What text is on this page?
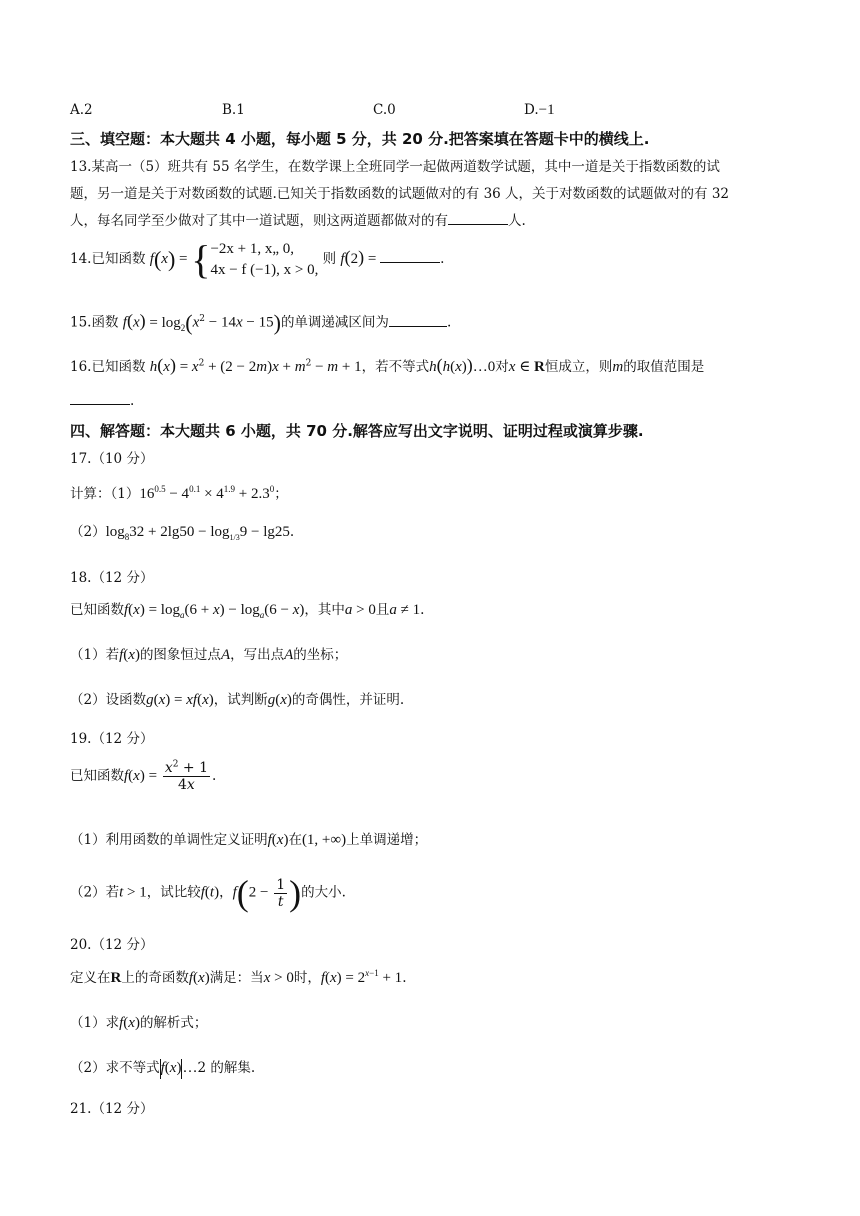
A.2	B.1	C.0	D.−1
三、填空题：本大题共 4 小题，每小题 5 分，共 20 分.把答案填在答题卡中的横线上.
13.某高一（5）班共有 55 名学生，在数学课上全班同学一起做两道数学试题，其中一道是关于指数函数的试
题，另一道是关于对数函数的试题.已知关于指数函数的试题做对的有 36 人，关于对数函数的试题做对的有 32
人，每名同学至少做对了其中一道试题，则这两道题都做对的有	人.
14.已知函数 f(x) = {−2x + 1, x„ 0,
4x − f (−1), x > 0, 则 f(2) =	.
15.函数 $f(x) = \log_2(x^2 - 14x - 15)$的单调递减区间为	.
16.已知函数 $h(x) = x^2 + (2 - 2m)x + m^2 - m + 1$，若不等式h(h(x))…0对x ∈ R恒成立，则m的取值范围是
.
四、解答题：本大题共 6 小题，共 70 分.解答应写出文字说明、证明过程或演算步骤.
17.（10 分）
计算：$(1)16^{0.5} - 4^{0.1} \times 4^{1.9} + 2.3^0$；
$(2)\log_832 + 2\lg 50 - \log_{1/3}9 - \lg 25$.
18.（12 分）
已知函数$f(x) = \log_a(6 + x) - \log_a(6 - x)$，其中a > 0且a ≠ 1.
（1）若f(x)的图象恒过点A，写出点A的坐标；
（2）设函数g(x) = xf(x)，试判断g(x)的奇偶性，并证明.
19.（12 分）
已知函数$f(x) = \frac{x^2 + 1}{4x}$ .
（1）利用函数的单调性定义证明f(x)在(1, +∞)上单调递增；
（2）若t > 1，试比较f(t)，$f(2 - \frac{1}{t}$ )的大小.
20.（12 分）
定义在R上的奇函数f(x)满足：当x > 0时，$f(x) = 2^{x-1} + 1$.
（1）求f(x)的解析式；
（2）求不等式f(x)…2 的解集.
21.（12 分）
